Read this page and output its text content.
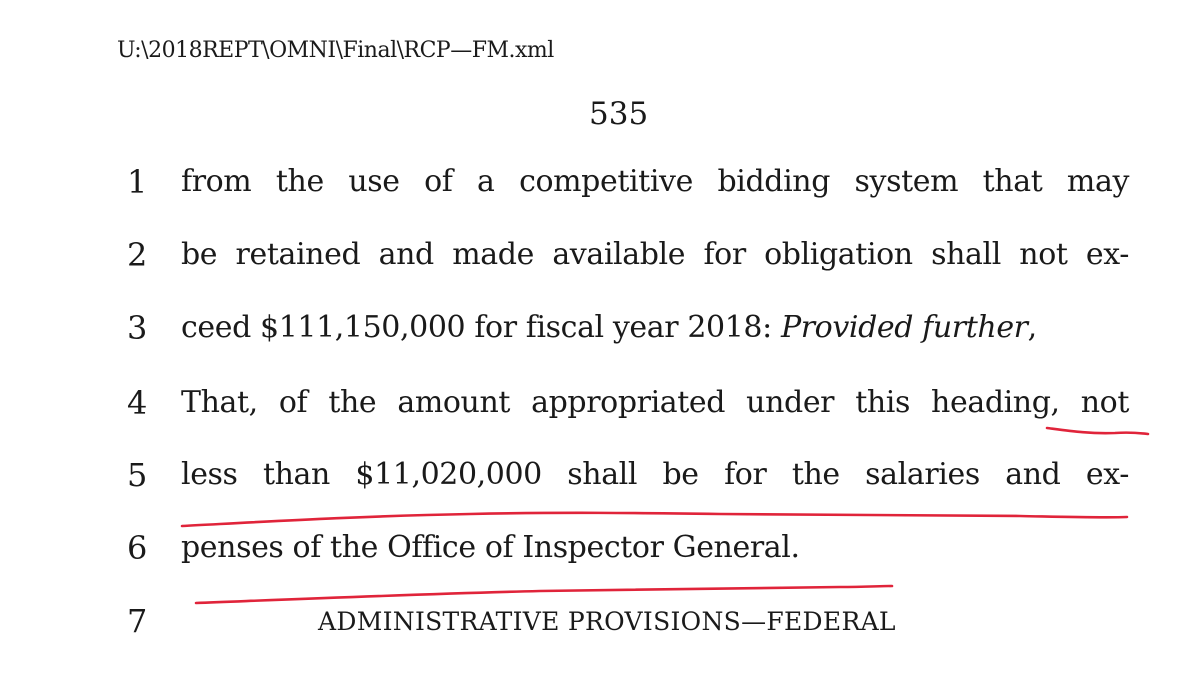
U:\2018REPT\OMNI\Final\RCP—FM.xml
535
1 from the use of a competitive bidding system that may
2 be retained and made available for obligation shall not ex-
3 ceed $111,150,000 for fiscal year 2018: Provided further,
4 That, of the amount appropriated under this heading, not
5 less than $11,020,000 shall be for the salaries and ex-
6 penses of the Office of Inspector General.
7	ADMINISTRATIVE PROVISIONS—FEDERAL
